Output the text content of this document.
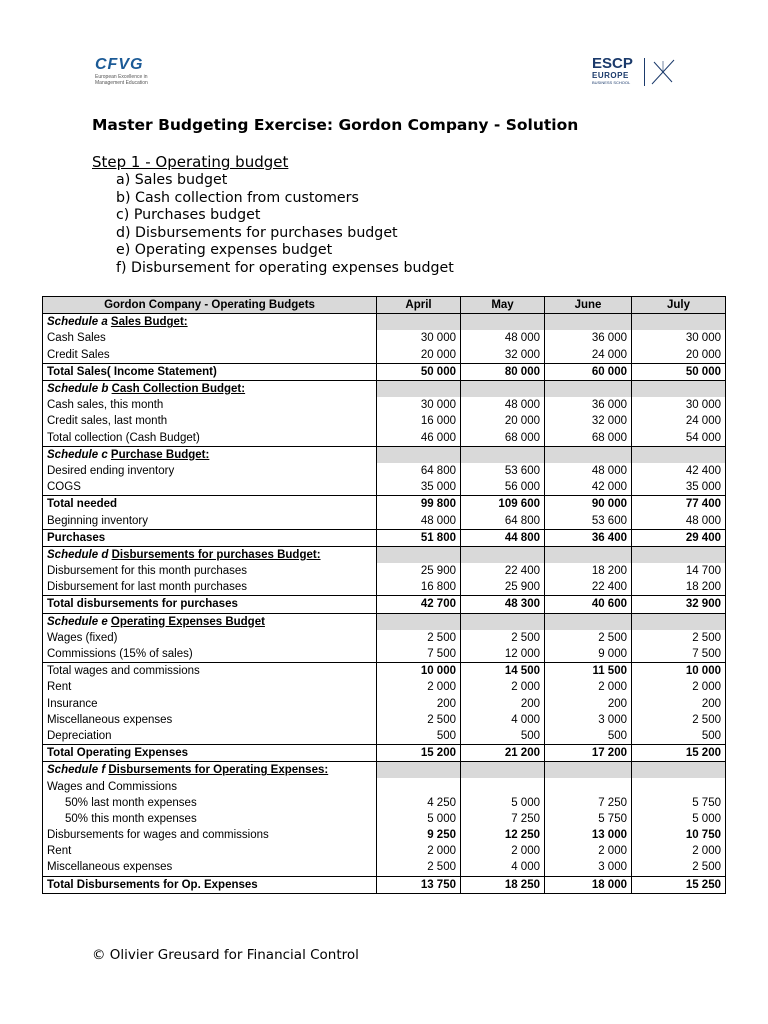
CFVG
European Excellence in Management Education
ESCP
EUROPE
BUSINESS SCHOOL
Master Budgeting Exercise: Gordon Company - Solution
Step 1 - Operating budget
a) Sales budget
b) Cash collection from customers
c) Purchases budget
d) Disbursements for purchases budget
e) Operating expenses budget
f) Disbursement for operating expenses budget
Gordon Company - Operating Budgets	April	May	June	July
Schedule a Sales Budget:				
Cash Sales	30 000	48 000	36 000	30 000
Credit Sales	20 000	32 000	24 000	20 000
Total Sales( Income Statement)	50 000	80 000	60 000	50 000
Schedule b Cash Collection Budget:				
Cash sales, this month	30 000	48 000	36 000	30 000
Credit sales, last month	16 000	20 000	32 000	24 000
Total collection (Cash Budget)	46 000	68 000	68 000	54 000
Schedule c Purchase Budget:				
Desired ending inventory	64 800	53 600	48 000	42 400
COGS	35 000	56 000	42 000	35 000
Total needed	99 800	109 600	90 000	77 400
Beginning inventory	48 000	64 800	53 600	48 000
Purchases	51 800	44 800	36 400	29 400
Schedule d Disbursements for purchases Budget:				
Disbursement for this month purchases	25 900	22 400	18 200	14 700
Disbursement for last month purchases	16 800	25 900	22 400	18 200
Total disbursements for purchases	42 700	48 300	40 600	32 900
Schedule e Operating Expenses Budget				
Wages (fixed)	2 500	2 500	2 500	2 500
Commissions (15% of sales)	7 500	12 000	9 000	7 500
Total wages and commissions	10 000	14 500	11 500	10 000
Rent	2 000	2 000	2 000	2 000
Insurance	200	200	200	200
Miscellaneous expenses	2 500	4 000	3 000	2 500
Depreciation	500	500	500	500
Total Operating Expenses	15 200	21 200	17 200	15 200
Schedule f Disbursements for Operating Expenses:				
Wages and Commissions				
50% last month expenses	4 250	5 000	7 250	5 750
50% this month expenses	5 000	7 250	5 750	5 000
Disbursements for wages and commissions	9 250	12 250	13 000	10 750
Rent	2 000	2 000	2 000	2 000
Miscellaneous expenses	2 500	4 000	3 000	2 500
Total Disbursements for Op. Expenses	13 750	18 250	18 000	15 250
© Olivier Greusard for Financial Control
